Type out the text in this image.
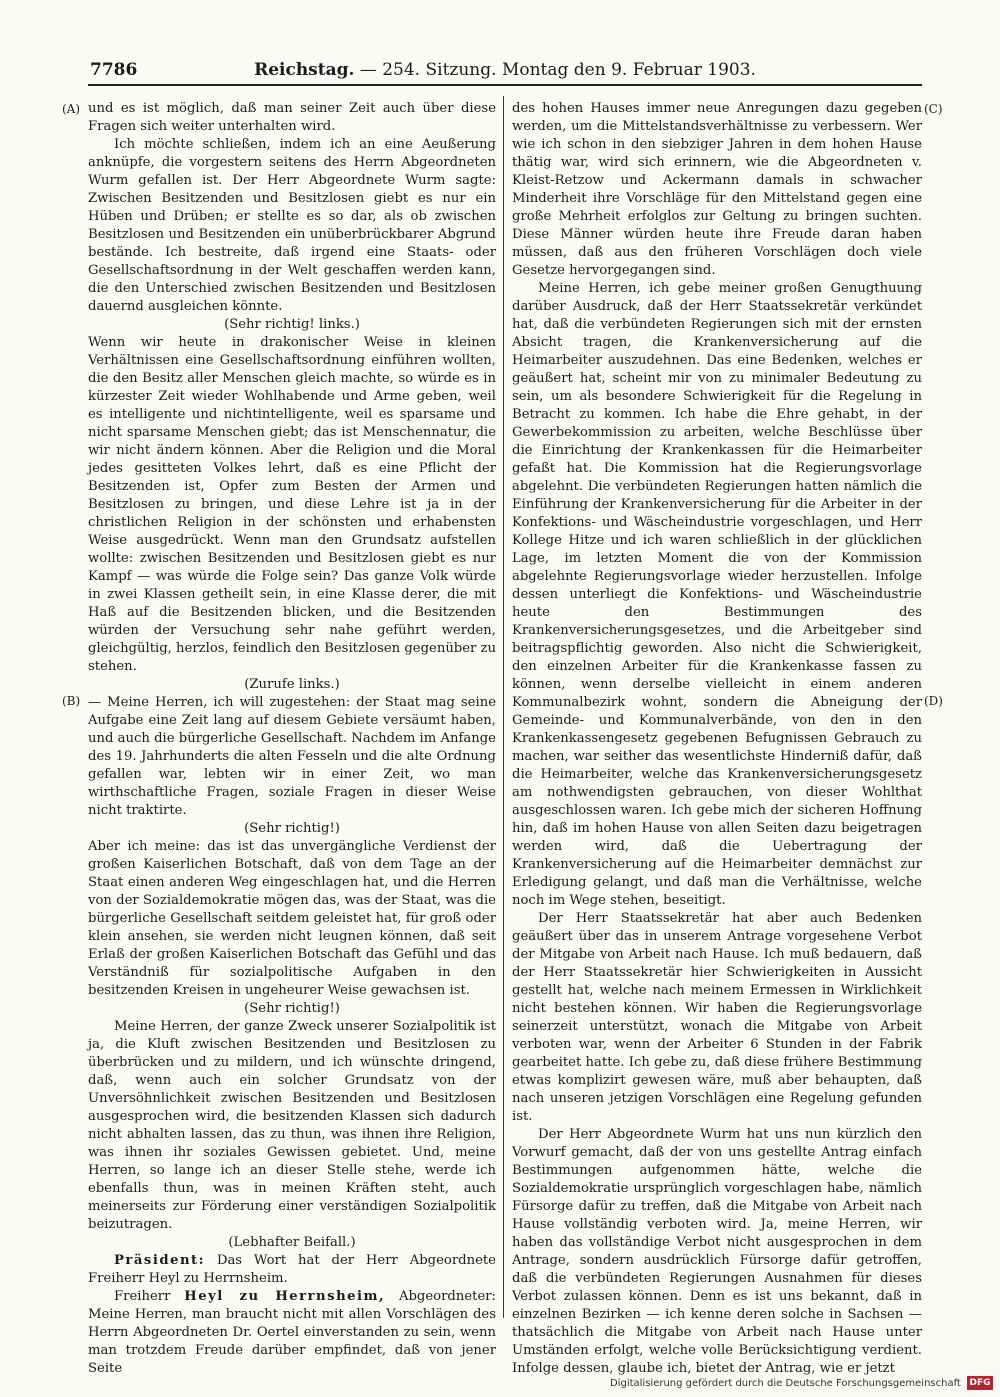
7786	Reichstag. — 254. Sitzung. Montag den 9. Februar 1903.
(A)
(B)
(C)
(D)

und es ist möglich, daß man seiner Zeit auch über diese Fragen sich weiter unterhalten wird.

Ich möchte schließen, indem ich an eine Aeußerung anknüpfe, die vorgestern seitens des Herrn Abgeordneten Wurm gefallen ist. Der Herr Abgeordnete Wurm sagte: Zwischen Besitzenden und Besitzlosen giebt es nur ein Hüben und Drüben; er stellte es so dar, als ob zwischen Besitzlosen und Besitzenden ein unüberbrückbarer Abgrund bestände. Ich bestreite, daß irgend eine Staats- oder Gesellschaftsordnung in der Welt geschaffen werden kann, die den Unterschied zwischen Besitzenden und Besitzlosen dauernd ausgleichen könnte.

(Sehr richtig! links.)

Wenn wir heute in drakonischer Weise in kleinen Verhältnissen eine Gesellschaftsordnung einführen wollten, die den Besitz aller Menschen gleich machte, so würde es in kürzester Zeit wieder Wohlhabende und Arme geben, weil es intelligente und nichtintelligente, weil es sparsame und nicht sparsame Menschen giebt; das ist Menschennatur, die wir nicht ändern können. Aber die Religion und die Moral jedes gesitteten Volkes lehrt, daß es eine Pflicht der Besitzenden ist, Opfer zum Besten der Armen und Besitzlosen zu bringen, und diese Lehre ist ja in der christlichen Religion in der schönsten und erhabensten Weise ausgedrückt. Wenn man den Grundsatz aufstellen wollte: zwischen Besitzenden und Besitzlosen giebt es nur Kampf — was würde die Folge sein? Das ganze Volk würde in zwei Klassen getheilt sein, in eine Klasse derer, die mit Haß auf die Besitzenden blicken, und die Besitzenden würden der Versuchung sehr nahe geführt werden, gleichgültig, herzlos, feindlich den Besitzlosen gegenüber zu stehen.

(Zurufe links.)

— Meine Herren, ich will zugestehen: der Staat mag seine Aufgabe eine Zeit lang auf diesem Gebiete versäumt haben, und auch die bürgerliche Gesellschaft. Nachdem im Anfange des 19. Jahrhunderts die alten Fesseln und die alte Ordnung gefallen war, lebten wir in einer Zeit, wo man wirthschaftliche Fragen, soziale Fragen in dieser Weise nicht traktirte.

(Sehr richtig!)

Aber ich meine: das ist das unvergängliche Verdienst der großen Kaiserlichen Botschaft, daß von dem Tage an der Staat einen anderen Weg eingeschlagen hat, und die Herren von der Sozialdemokratie mögen das, was der Staat, was die bürgerliche Gesellschaft seitdem geleistet hat, für groß oder klein ansehen, sie werden nicht leugnen können, daß seit Erlaß der großen Kaiserlichen Botschaft das Gefühl und das Verständniß für sozialpolitische Aufgaben in den besitzenden Kreisen in ungeheurer Weise gewachsen ist.

(Sehr richtig!)

Meine Herren, der ganze Zweck unserer Sozialpolitik ist ja, die Kluft zwischen Besitzenden und Besitzlosen zu überbrücken und zu mildern, und ich wünschte dringend, daß, wenn auch ein solcher Grundsatz von der Unversöhnlichkeit zwischen Besitzenden und Besitzlosen ausgesprochen wird, die besitzenden Klassen sich dadurch nicht abhalten lassen, das zu thun, was ihnen ihre Religion, was ihnen ihr soziales Gewissen gebietet. Und, meine Herren, so lange ich an dieser Stelle stehe, werde ich ebenfalls thun, was in meinen Kräften steht, auch meinerseits zur Förderung einer verständigen Sozialpolitik beizutragen.

(Lebhafter Beifall.)

Präsident: Das Wort hat der Herr Abgeordnete Freiherr Heyl zu Herrnsheim.

Freiherr Heyl zu Herrnsheim, Abgeordneter: Meine Herren, man braucht nicht mit allen Vorschlägen des Herrn Abgeordneten Dr. Oertel einverstanden zu sein, wenn man trotzdem Freude darüber empfindet, daß von jener Seite

des hohen Hauses immer neue Anregungen dazu gegeben werden, um die Mittelstandsverhältnisse zu verbessern. Wer wie ich schon in den siebziger Jahren in dem hohen Hause thätig war, wird sich erinnern, wie die Abgeordneten v. Kleist-Retzow und Ackermann damals in schwacher Minderheit ihre Vorschläge für den Mittelstand gegen eine große Mehrheit erfolglos zur Geltung zu bringen suchten. Diese Männer würden heute ihre Freude daran haben müssen, daß aus den früheren Vorschlägen doch viele Gesetze hervorgegangen sind.

Meine Herren, ich gebe meiner großen Genugthuung darüber Ausdruck, daß der Herr Staatssekretär verkündet hat, daß die verbündeten Regierungen sich mit der ernsten Absicht tragen, die Krankenversicherung auf die Heimarbeiter auszudehnen. Das eine Bedenken, welches er geäußert hat, scheint mir von zu minimaler Bedeutung zu sein, um als besondere Schwierigkeit für die Regelung in Betracht zu kommen. Ich habe die Ehre gehabt, in der Gewerbekommission zu arbeiten, welche Beschlüsse über die Einrichtung der Krankenkassen für die Heimarbeiter gefaßt hat. Die Kommission hat die Regierungsvorlage abgelehnt. Die verbündeten Regierungen hatten nämlich die Einführung der Krankenversicherung für die Arbeiter in der Konfektions- und Wäscheindustrie vorgeschlagen, und Herr Kollege Hitze und ich waren schließlich in der glücklichen Lage, im letzten Moment die von der Kommission abgelehnte Regierungsvorlage wieder herzustellen. Infolge dessen unterliegt die Konfektions- und Wäscheindustrie heute den Bestimmungen des Krankenversicherungsgesetzes, und die Arbeitgeber sind beitragspflichtig geworden. Also nicht die Schwierigkeit, den einzelnen Arbeiter für die Krankenkasse fassen zu können, wenn derselbe vielleicht in einem anderen Kommunalbezirk wohnt, sondern die Abneigung der Gemeinde- und Kommunalverbände, von den in den Krankenkassengesetz gegebenen Befugnissen Gebrauch zu machen, war seither das wesentlichste Hinderniß dafür, daß die Heimarbeiter, welche das Krankenversicherungsgesetz am nothwendigsten gebrauchen, von dieser Wohlthat ausgeschlossen waren. Ich gebe mich der sicheren Hoffnung hin, daß im hohen Hause von allen Seiten dazu beigetragen werden wird, daß die Uebertragung der Krankenversicherung auf die Heimarbeiter demnächst zur Erledigung gelangt, und daß man die Verhältnisse, welche noch im Wege stehen, beseitigt.

Der Herr Staatssekretär hat aber auch Bedenken geäußert über das in unserem Antrage vorgesehene Verbot der Mitgabe von Arbeit nach Hause. Ich muß bedauern, daß der Herr Staatssekretär hier Schwierigkeiten in Aussicht gestellt hat, welche nach meinem Ermessen in Wirklichkeit nicht bestehen können. Wir haben die Regierungsvorlage seinerzeit unterstützt, wonach die Mitgabe von Arbeit verboten war, wenn der Arbeiter 6 Stunden in der Fabrik gearbeitet hatte. Ich gebe zu, daß diese frühere Bestimmung etwas komplizirt gewesen wäre, muß aber behaupten, daß nach unseren jetzigen Vorschlägen eine Regelung gefunden ist.

Der Herr Abgeordnete Wurm hat uns nun kürzlich den Vorwurf gemacht, daß der von uns gestellte Antrag einfach Bestimmungen aufgenommen hätte, welche die Sozialdemokratie ursprünglich vorgeschlagen habe, nämlich Fürsorge dafür zu treffen, daß die Mitgabe von Arbeit nach Hause vollständig verboten wird. Ja, meine Herren, wir haben das vollständige Verbot nicht ausgesprochen in dem Antrage, sondern ausdrücklich Fürsorge dafür getroffen, daß die verbündeten Regierungen Ausnahmen für dieses Verbot zulassen können. Denn es ist uns bekannt, daß in einzelnen Bezirken — ich kenne deren solche in Sachsen — thatsächlich die Mitgabe von Arbeit nach Hause unter Umständen erfolgt, welche volle Berücksichtigung verdient. Infolge dessen, glaube ich, bietet der Antrag, wie er jetzt

Digitalisierung gefördert durch die Deutsche Forschungsgemeinschaft DFG
